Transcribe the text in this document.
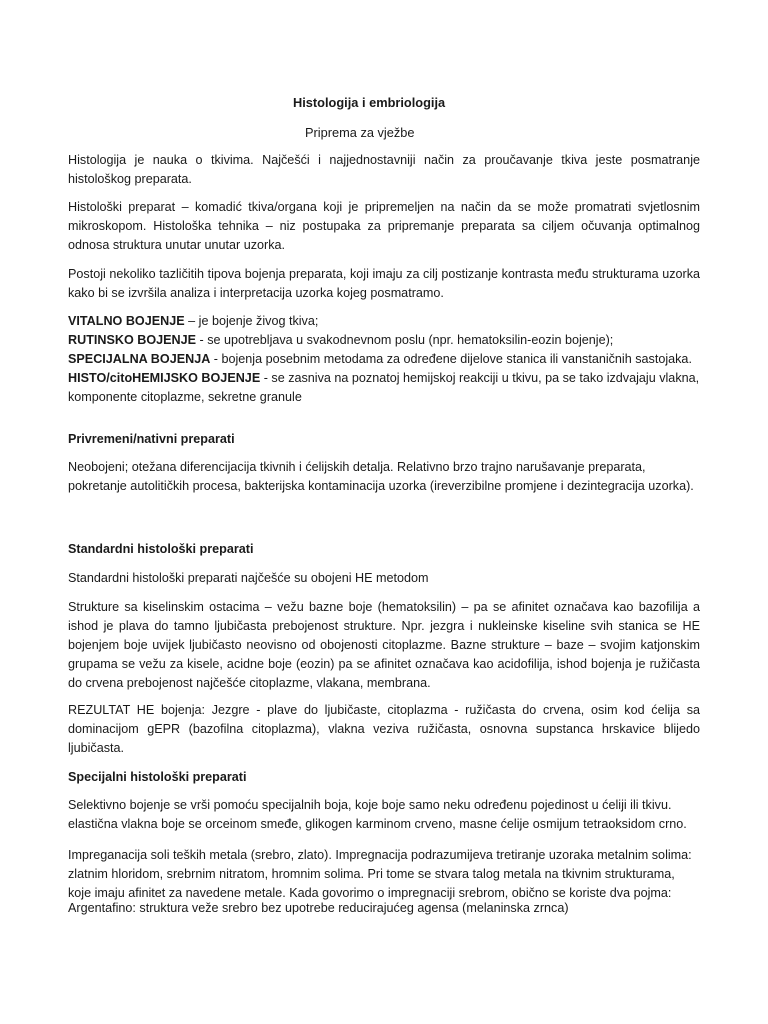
Histologija i embriologija
Priprema za vježbe

Histologija je nauka o tkivima. Najčešći i najjednostavniji način za proučavanje tkiva jeste posmatranje histološkog preparata.

Histološki preparat – komadić tkiva/organa koji je pripremeljen na način da se može promatrati svjetlosnim mikroskopom. Histološka tehnika – niz postupaka za pripremanje preparata sa ciljem očuvanja optimalnog odnosa struktura unutar unutar uzorka.

Postoji nekoliko tazličitih tipova bojenja preparata, koji imaju za cilj postizanje kontrasta među strukturama uzorka kako bi se izvršila analiza i interpretacija uzorka kojeg posmatramo.

VITALNO BOJENJE – je bojenje živog tkiva;
RUTINSKO BOJENJE - se upotrebljava u svakodnevnom poslu (npr. hematoksilin-eozin bojenje);
SPECIJALNA BOJENJA - bojenja posebnim metodama za određene dijelove stanica ili vanstaničnih sastojaka.
HISTO/citoHEMIJSKO BOJENJE - se zasniva na poznatoj hemijskoj reakciji u tkivu, pa se tako izdvajaju vlakna, komponente citoplazme, sekretne granule
Privremeni/nativni preparati

Neobojeni; otežana diferencijacija tkivnih i ćelijskih detalja. Relativno brzo trajno narušavanje preparata, pokretanje autolitičkih procesa, bakterijska kontaminacija uzorka (ireverzibilne promjene i dezintegracija uzorka).

Standardni histološki preparati

Standardni histološki preparati najčešće su obojeni HE metodom

Strukture sa kiselinskim ostacima – vežu bazne boje (hematoksilin) – pa se afinitet označava kao bazofilija a ishod je plava do tamno ljubičasta prebojenost strukture. Npr. jezgra i nukleinske kiseline svih stanica se HE bojenjem boje uvijek ljubičasto neovisno od obojenosti citoplazme. Bazne strukture – baze – svojim katjonskim grupama se vežu za kisele, acidne boje (eozin) pa se afinitet označava kao acidofilija, ishod bojenja je ružičasta do crvena prebojenost najčešće citoplazme, vlakana, membrana.

REZULTAT HE bojenja: Jezgre - plave do ljubičaste, citoplazma - ružičasta do crvena, osim kod ćelija sa dominacijom gEPR (bazofilna citoplazma), vlakna veziva ružičasta, osnovna supstanca hrskavice blijedo ljubičasta.

Specijalni histološki preparati

Selektivno bojenje se vrši pomoću specijalnih boja, koje boje samo neku određenu pojedinost u ćeliji ili tkivu. elastična vlakna boje se orceinom smeđe, glikogen karminom crveno, masne ćelije osmijum tetraoksidom crno.

Impreganacija soli teških metala (srebro, zlato). Impregnacija podrazumijeva tretiranje uzoraka metalnim solima: zlatnim hloridom, srebrnim nitratom, hromnim solima. Pri tome se stvara talog metala na tkivnim strukturama, koje imaju afinitet za navedene metale. Kada govorimo o impregnaciji srebrom, obično se koriste dva pojma:

Argentafino: struktura veže srebro bez upotrebe reducirajućeg agensa (melaninska zrnca)
